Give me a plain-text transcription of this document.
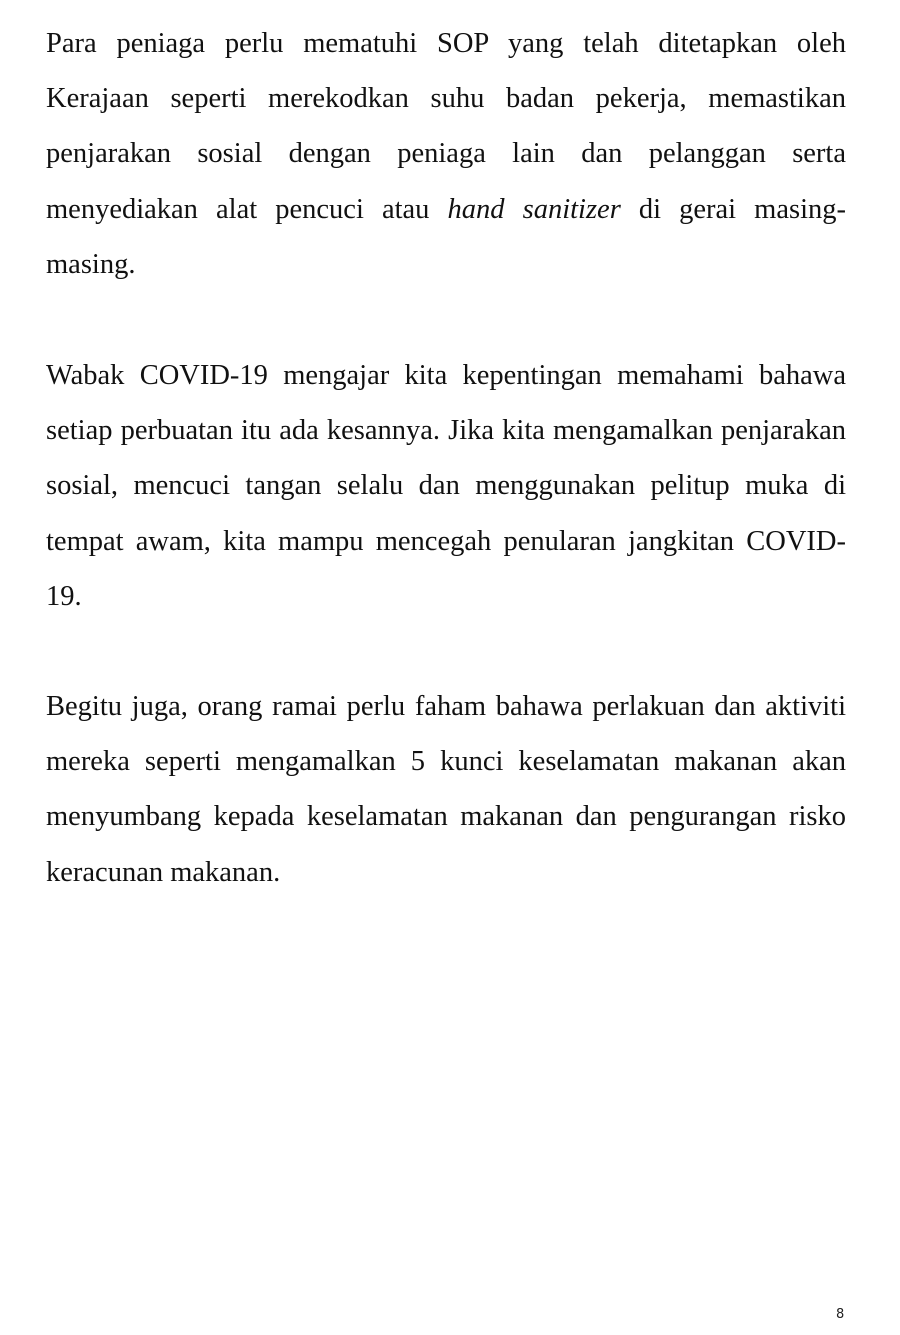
Para peniaga perlu mematuhi SOP yang telah ditetapkan oleh Kerajaan seperti merekodkan suhu badan pekerja, memastikan penjarakan sosial dengan peniaga lain dan pelanggan serta menyediakan alat pencuci atau hand sanitizer di gerai masing-masing.

Wabak COVID-19 mengajar kita kepentingan memahami bahawa setiap perbuatan itu ada kesannya. Jika kita mengamalkan penjarakan sosial, mencuci tangan selalu dan menggunakan pelitup muka di tempat awam, kita mampu mencegah penularan jangkitan COVID-19.

Begitu juga, orang ramai perlu faham bahawa perlakuan dan aktiviti mereka seperti mengamalkan 5 kunci keselamatan makanan akan menyumbang kepada keselamatan makanan dan pengurangan risko keracunan makanan.

8
